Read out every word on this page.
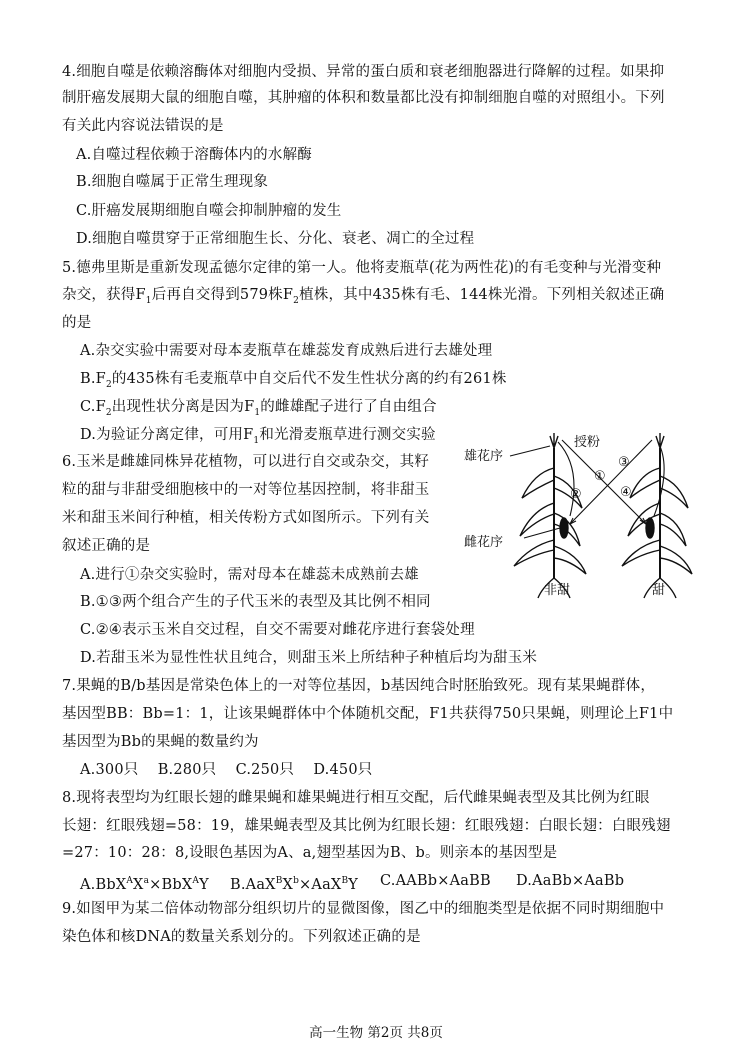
4.细胞自噬是依赖溶酶体对细胞内受损、异常的蛋白质和衰老细胞器进行降解的过程。如果抑
制肝癌发展期大鼠的细胞自噬，其肿瘤的体积和数量都比没有抑制细胞自噬的对照组小。下列
有关此内容说法错误的是
A.自噬过程依赖于溶酶体内的水解酶
B.细胞自噬属于正常生理现象
C.肝癌发展期细胞自噬会抑制肿瘤的发生
D.细胞自噬贯穿于正常细胞生长、分化、衰老、凋亡的全过程
5.德弗里斯是重新发现孟德尔定律的第一人。他将麦瓶草(花为两性花)的有毛变种与光滑变种
杂交，获得$F_1$后再自交得到579株$F_2$植株，其中435株有毛、144株光滑。下列相关叙述正确
的是
A.杂交实验中需要对母本麦瓶草在雄蕊发育成熟后进行去雄处理
$B.F_2$的435株有毛麦瓶草中自交后代不发生性状分离的约有261株
$C.F_2$出现性状分离是因为$F_1$的雌雄配子进行了自由组合
D.为验证分离定律，可用$F_1$和光滑麦瓶草进行测交实验
6.玉米是雌雄同株异花植物，可以进行自交或杂交，其籽
粒的甜与非甜受细胞核中的一对等位基因控制，将非甜玉
米和甜玉米间行种植，相关传粉方式如图所示。下列有关
叙述正确的是
A.进行①杂交实验时，需对母本在雄蕊未成熟前去雄
B.①③两个组合产生的子代玉米的表型及其比例不相同
C.②④表示玉米自交过程，自交不需要对雌花序进行套袋处理
D.若甜玉米为显性性状且纯合，则甜玉米上所结种子种植后均为甜玉米
雄花序
授粉
雌花序
①
②
③
④
非甜	甜
7.果蝇的B/b基因是常染色体上的一对等位基因，b基因纯合时胚胎致死。现有某果蝇群体，
基因型BB：Bb=1：1，让该果蝇群体中个体随机交配，F1共获得750只果蝇，则理论上F1中
基因型为Bb的果蝇的数量约为
A.300只    B.280只    C.250只    D.450只
8.现将表型均为红眼长翅的雌果蝇和雄果蝇进行相互交配，后代雌果蝇表型及其比例为红眼
长翅：红眼残翅=58：19，雄果蝇表型及其比例为红眼长翅：红眼残翅：白眼长翅：白眼残翅
=27：10：28：8,设眼色基因为A、a,翅型基因为B、b。则亲本的基因型是
$A.BbX^AX^a\times BbX^AY$ $B.AaX^BX^b\times AaX^BY$ C.AABb×AaBB D.AaBb×AaBb
9.如图甲为某二倍体动物部分组织切片的显微图像，图乙中的细胞类型是依据不同时期细胞中
染色体和核DNA的数量关系划分的。下列叙述正确的是
高一生物 第2页 共8页
